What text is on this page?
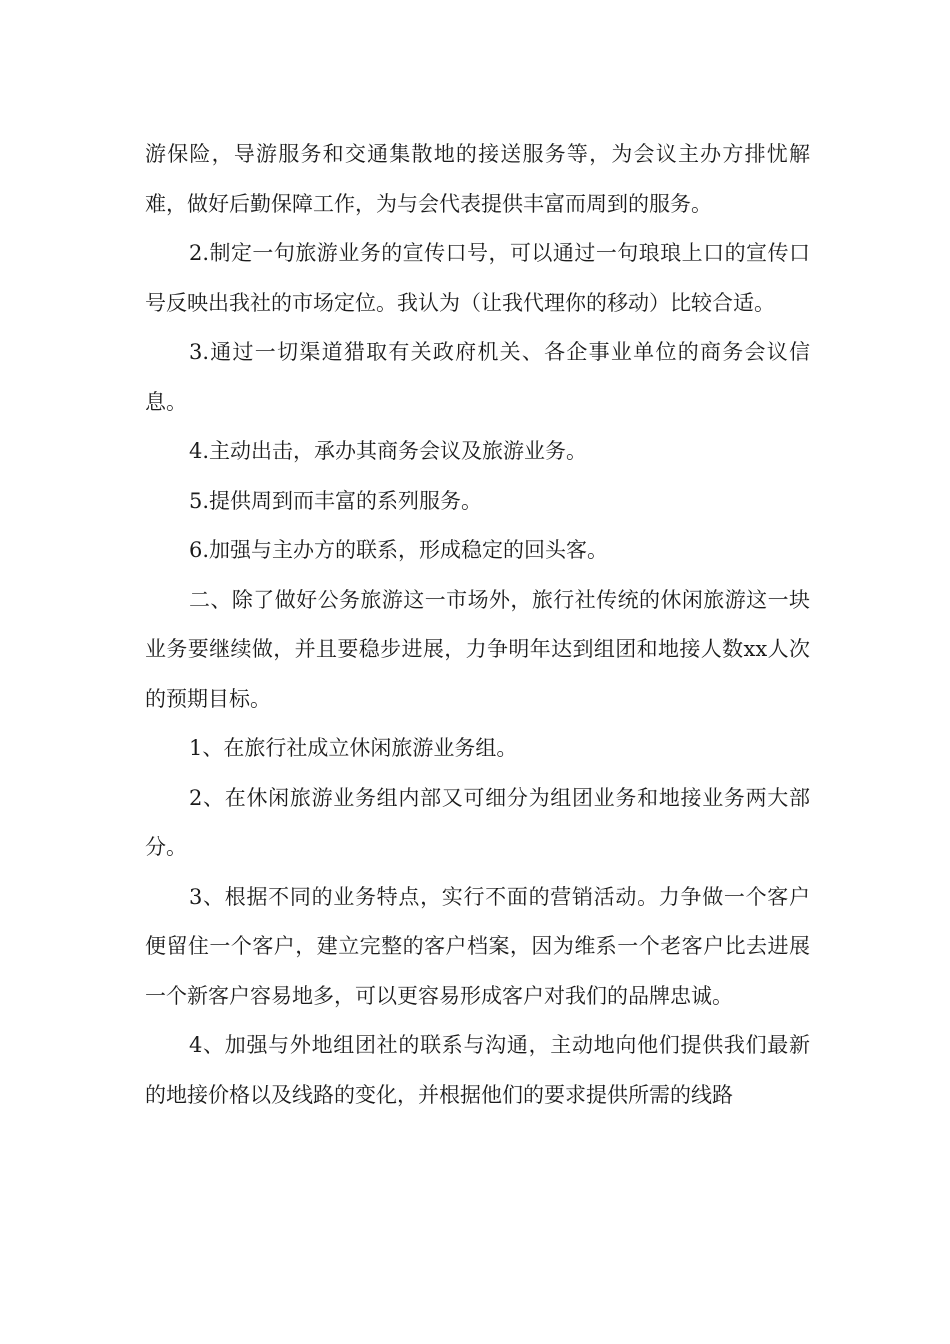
游保险，导游服务和交通集散地的接送服务等，为会议主办方排忧解难，做好后勤保障工作，为与会代表提供丰富而周到的服务。

2.制定一句旅游业务的宣传口号，可以通过一句琅琅上口的宣传口号反映出我社的市场定位。我认为（让我代理你的移动）比较合适。

3.通过一切渠道猎取有关政府机关、各企事业单位的商务会议信息。

4.主动出击，承办其商务会议及旅游业务。

5.提供周到而丰富的系列服务。

6.加强与主办方的联系，形成稳定的回头客。

二、除了做好公务旅游这一市场外，旅行社传统的休闲旅游这一块业务要继续做，并且要稳步进展，力争明年达到组团和地接人数xx人次的预期目标。

1、在旅行社成立休闲旅游业务组。

2、在休闲旅游业务组内部又可细分为组团业务和地接业务两大部分。

3、根据不同的业务特点，实行不面的营销活动。力争做一个客户便留住一个客户，建立完整的客户档案，因为维系一个老客户比去进展一个新客户容易地多，可以更容易形成客户对我们的品牌忠诚。

4、加强与外地组团社的联系与沟通，主动地向他们提供我们最新的地接价格以及线路的变化，并根据他们的要求提供所需的线路
